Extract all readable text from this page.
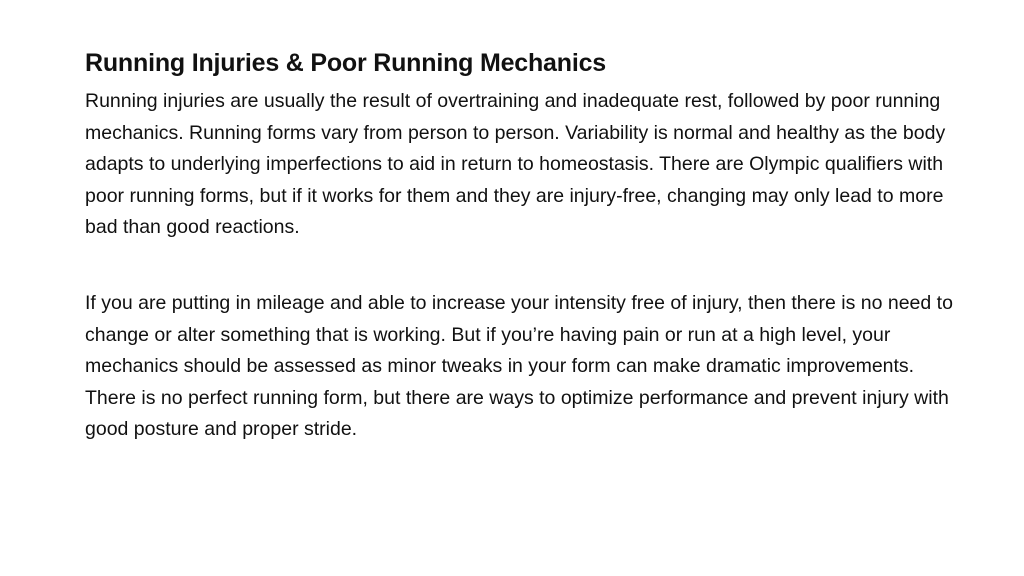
Running Injuries & Poor Running Mechanics

Running injuries are usually the result of overtraining and inadequate rest, followed by poor running mechanics. Running forms vary from person to person. Variability is normal and healthy as the body adapts to underlying imperfections to aid in return to homeostasis. There are Olympic qualifiers with poor running forms, but if it works for them and they are injury-free, changing may only lead to more bad than good reactions.

If you are putting in mileage and able to increase your intensity free of injury, then there is no need to change or alter something that is working. But if you’re having pain or run at a high level, your mechanics should be assessed as minor tweaks in your form can make dramatic improvements. There is no perfect running form, but there are ways to optimize performance and prevent injury with good posture and proper stride.
